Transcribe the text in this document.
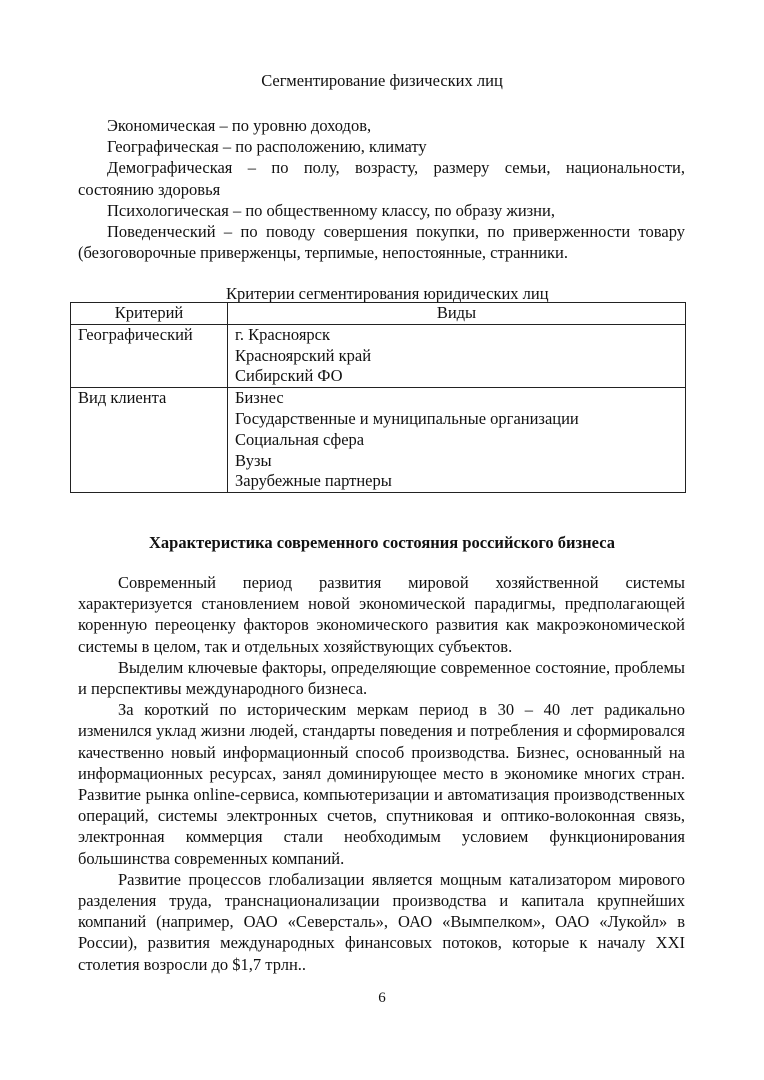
Сегментирование физических лиц

Экономическая – по уровню доходов,

Географическая – по расположению, климату

Демографическая – по полу, возрасту, размеру семьи, национальности, состоянию здоровья

Психологическая – по общественному классу, по образу жизни,

Поведенческий – по поводу совершения покупки, по приверженности товару (безоговорочные приверженцы, терпимые, непостоянные, странники.

Критерии сегментирования юридических лиц
Критерий	Виды
Географический	г. Красноярск
Красноярский край
Сибирский ФО

Вид клиента	Бизнес
Государственные и муниципальные организации
Социальная сфера
Вузы
Зарубежные партнеры
Характеристика современного состояния российского бизнеса

Современный период развития мировой хозяйственной системы характеризуется становлением новой экономической парадигмы, предполагающей коренную переоценку факторов экономического развития как макроэкономической системы в целом, так и отдельных хозяйствующих субъектов.

Выделим ключевые факторы, определяющие современное состояние, проблемы и перспективы международного бизнеса.

За короткий по историческим меркам период в 30 – 40 лет радикально изменился уклад жизни людей, стандарты поведения и потребления и сформировался качественно новый информационный способ производства. Бизнес, основанный на информационных ресурсах, занял доминирующее место в экономике многих стран. Развитие рынка online-сервиса, компьютеризации и автоматизация производственных операций, системы электронных счетов, спутниковая и оптико-волоконная связь, электронная коммерция стали необходимым условием функционирования большинства современных компаний.

Развитие процессов глобализации является мощным катализатором мирового разделения труда, транснационализации производства и капитала крупнейших компаний (например, ОАО «Северсталь», ОАО «Вымпелком», ОАО «Лукойл» в России), развития международных финансовых потоков, которые к началу XXI столетия возросли до $1,7 трлн..

6
